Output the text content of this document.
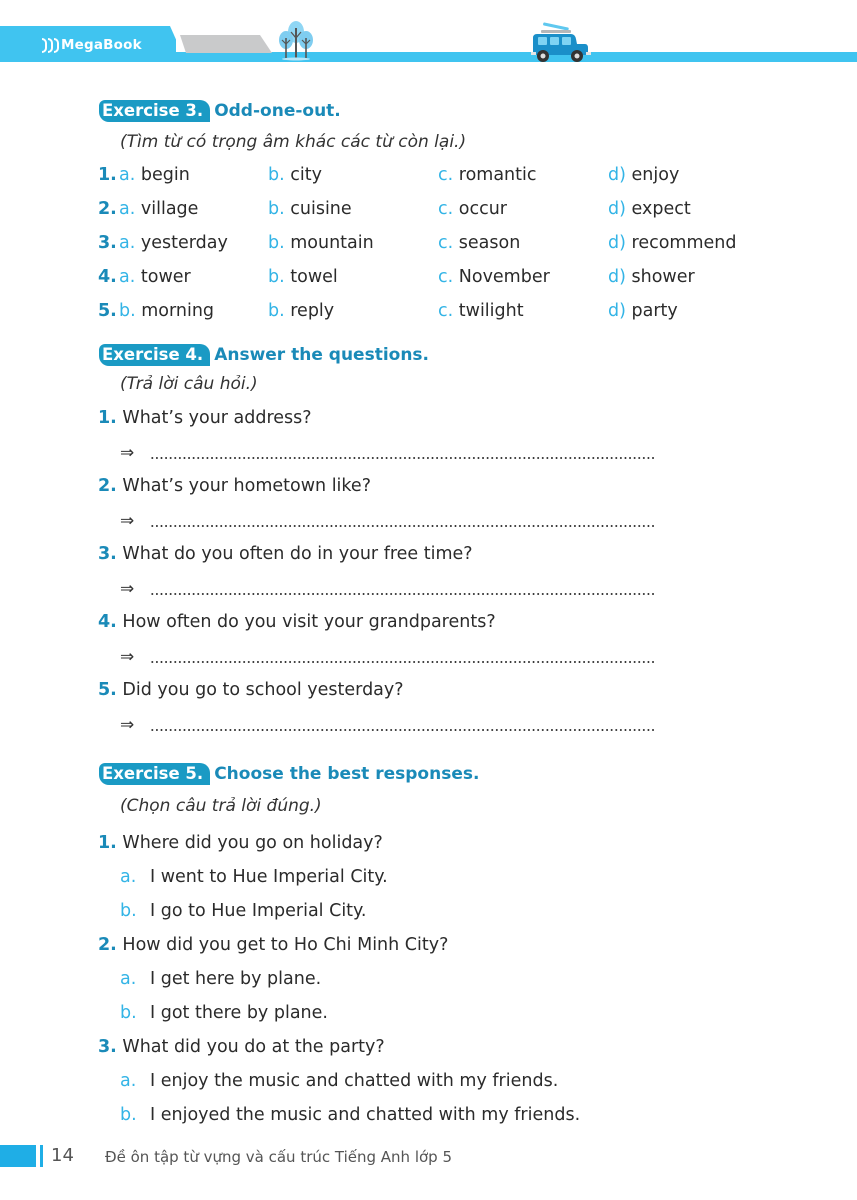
MegaBook
Exercise 3. Odd-one-out.
(Tìm từ có trọng âm khác các từ còn lại.)
1. a. begin	b. city	c. romantic	d) enjoy
2. a. village	b. cuisine	c. occur	d) expect
3. a. yesterday b. mountain	c. season	d) recommend
4. a. tower	b. towel	c. November	d) shower
5. b. morning	b. reply	c. twilight	d) party
Exercise 4. Answer the questions.
(Trả lời câu hỏi.)
1. What’s your address?
⇒
2. What’s your hometown like?
⇒
3. What do you often do in your free time?
⇒
4. How often do you visit your grandparents?
⇒
5. Did you go to school yesterday?
⇒
Exercise 5. Choose the best responses.
(Chọn câu trả lời đúng.)
1. Where did you go on holiday?
a. I went to Hue Imperial City.
b. I go to Hue Imperial City.
2. How did you get to Ho Chi Minh City?
a. I get here by plane.
b. I got there by plane.
3. What did you do at the party?
a. I enjoy the music and chatted with my friends.
b. I enjoyed the music and chatted with my friends.
14 Đề ôn tập từ vựng và cấu trúc Tiếng Anh lớp 5
